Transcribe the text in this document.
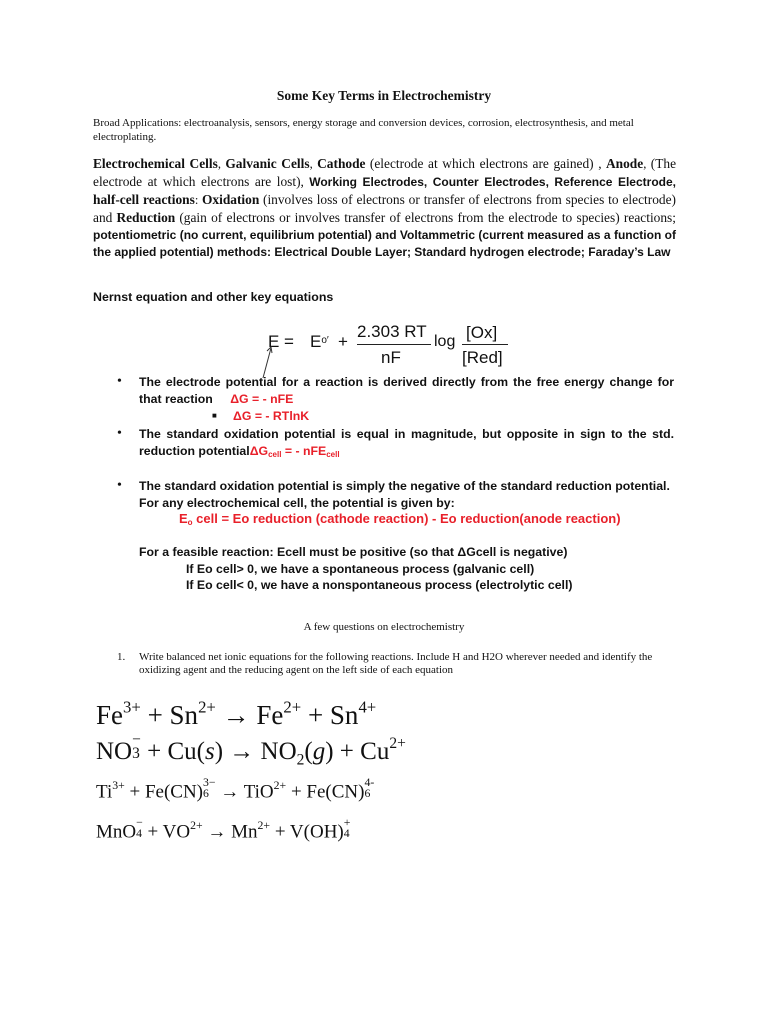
Some Key Terms in Electrochemistry
Broad Applications: electroanalysis, sensors, energy storage and conversion devices, corrosion, electrosynthesis, and metal electroplating.
Electrochemical Cells, Galvanic Cells, Cathode (electrode at which electrons are gained) , Anode, (The electrode at which electrons are lost), Working Electrodes, Counter Electrodes, Reference Electrode, half-cell reactions: Oxidation (involves loss of electrons or transfer of electrons from species to electrode) and Reduction (gain of electrons or involves transfer of electrons from the electrode to species) reactions; potentiometric (no current, equilibrium potential) and Voltammetric (current measured as a function of the applied potential) methods: Electrical Double Layer; Standard hydrogen electrode; Faraday’s Law
Nernst equation and other key equations
$E = E^{o'}$ +
2.303 RT
nF
log [Ox]
[Red]
• The electrode potential for a reaction is derived directly from the free energy change for that reaction ΔG = - nFE
■ ΔG = - RTlnK
• The standard oxidation potential is equal in magnitude, but opposite in sign to the std. reduction potentialΔG$_{cell}$ = - nFE$_{cell}$
• The standard oxidation potential is simply the negative of the standard reduction potential.
For any electrochemical cell, the potential is given by:
$E_o$ cell = Eo reduction (cathode reaction) - Eo reduction(anode reaction)
For a feasible reaction: Ecell must be positive (so that ΔGcell is negative)
If Eo cell> 0, we have a spontaneous process (galvanic cell)
If Eo cell< 0, we have a nonspontaneous process (electrolytic cell)
A few questions on electrochemistry
1. Write balanced net ionic equations for the following reactions. Include H and H2O wherever needed and identify the oxidizing agent and the reducing agent on the left side of each equation
$Fe^{3+} + Sn^{2+} \to Fe^{2+} + Sn^{4+}$
NO −
$3 + Cu(s) \to NO_2(g) + Cu^{2+}$
$Ti^{3+} + Fe(CN)$ 3−
6 → TiO$^{2+}$ + Fe(CN) 4-
6
MnO −
$4 + VO^{2+} \to Mn^{2+} + V(OH)$ +
4
